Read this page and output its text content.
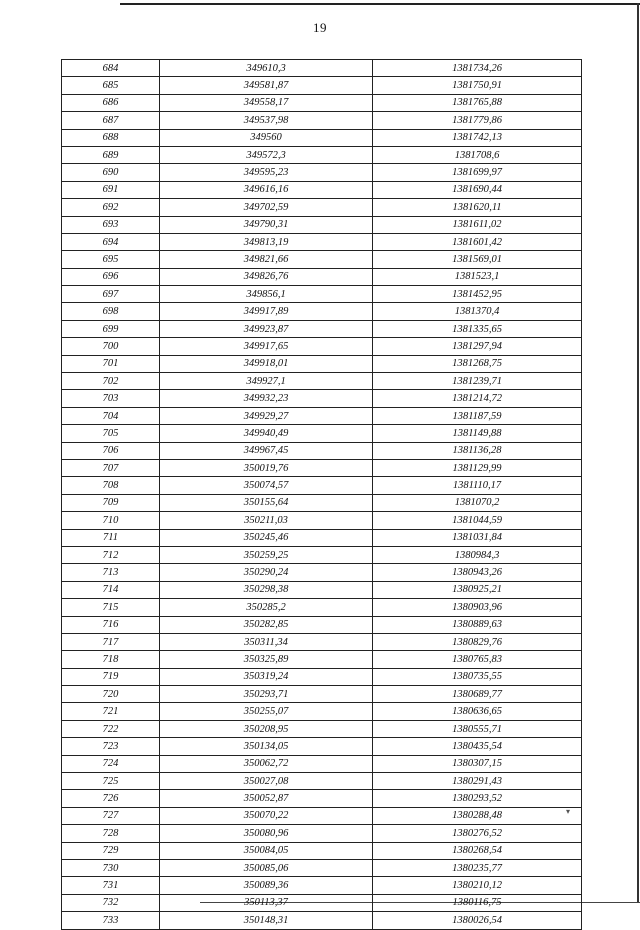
19
684	349610,3	1381734,26
685	349581,87	1381750,91
686	349558,17	1381765,88
687	349537,98	1381779,86
688	349560	1381742,13
689	349572,3	1381708,6
690	349595,23	1381699,97
691	349616,16	1381690,44
692	349702,59	1381620,11
693	349790,31	1381611,02
694	349813,19	1381601,42
695	349821,66	1381569,01
696	349826,76	1381523,1
697	349856,1	1381452,95
698	349917,89	1381370,4
699	349923,87	1381335,65
700	349917,65	1381297,94
701	349918,01	1381268,75
702	349927,1	1381239,71
703	349932,23	1381214,72
704	349929,27	1381187,59
705	349940,49	1381149,88
706	349967,45	1381136,28
707	350019,76	1381129,99
708	350074,57	1381110,17
709	350155,64	1381070,2
710	350211,03	1381044,59
711	350245,46	1381031,84
712	350259,25	1380984,3
713	350290,24	1380943,26
714	350298,38	1380925,21
715	350285,2	1380903,96
716	350282,85	1380889,63
717	350311,34	1380829,76
718	350325,89	1380765,83
719	350319,24	1380735,55
720	350293,71	1380689,77
721	350255,07	1380636,65
722	350208,95	1380555,71
723	350134,05	1380435,54
724	350062,72	1380307,15
725	350027,08	1380291,43
726	350052,87	1380293,52
727	350070,22	1380288,48
728	350080,96	1380276,52
729	350084,05	1380268,54
730	350085,06	1380235,77
731	350089,36	1380210,12
732	350113,37	1380116,75
733	350148,31	1380026,54
▾
